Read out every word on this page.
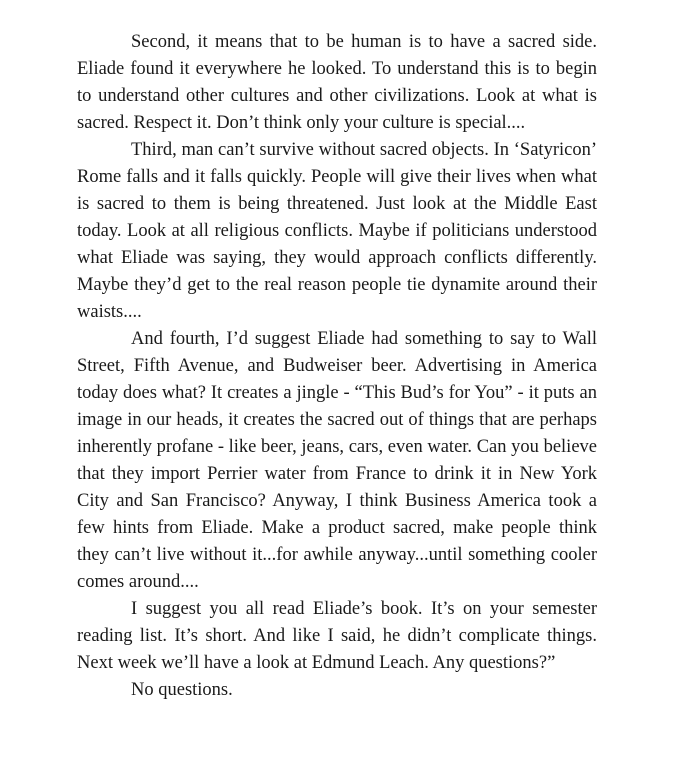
Second, it means that to be human is to have a sacred side. Eliade found it everywhere he looked. To understand this is to begin to understand other cultures and other civilizations. Look at what is sacred. Respect it. Don’t think only your culture is special....

Third, man can’t survive without sacred objects. In ‘Satyricon’ Rome falls and it falls quickly. People will give their lives when what is sacred to them is being threatened. Just look at the Middle East today. Look at all religious conflicts. Maybe if politicians understood what Eliade was saying, they would approach conflicts differently. Maybe they’d get to the real reason people tie dynamite around their waists....

And fourth, I’d suggest Eliade had something to say to Wall Street, Fifth Avenue, and Budweiser beer. Advertising in America today does what? It creates a jingle - “This Bud’s for You” - it puts an image in our heads, it creates the sacred out of things that are perhaps inherently profane - like beer, jeans, cars, even water. Can you believe that they import Perrier water from France to drink it in New York City and San Francisco? Anyway, I think Business America took a few hints from Eliade. Make a product sacred, make people think they can’t live without it...for awhile anyway...until something cooler comes around....

I suggest you all read Eliade’s book. It’s on your semester reading list. It’s short. And like I said, he didn’t complicate things. Next week we’ll have a look at Edmund Leach. Any questions?”

No questions.
